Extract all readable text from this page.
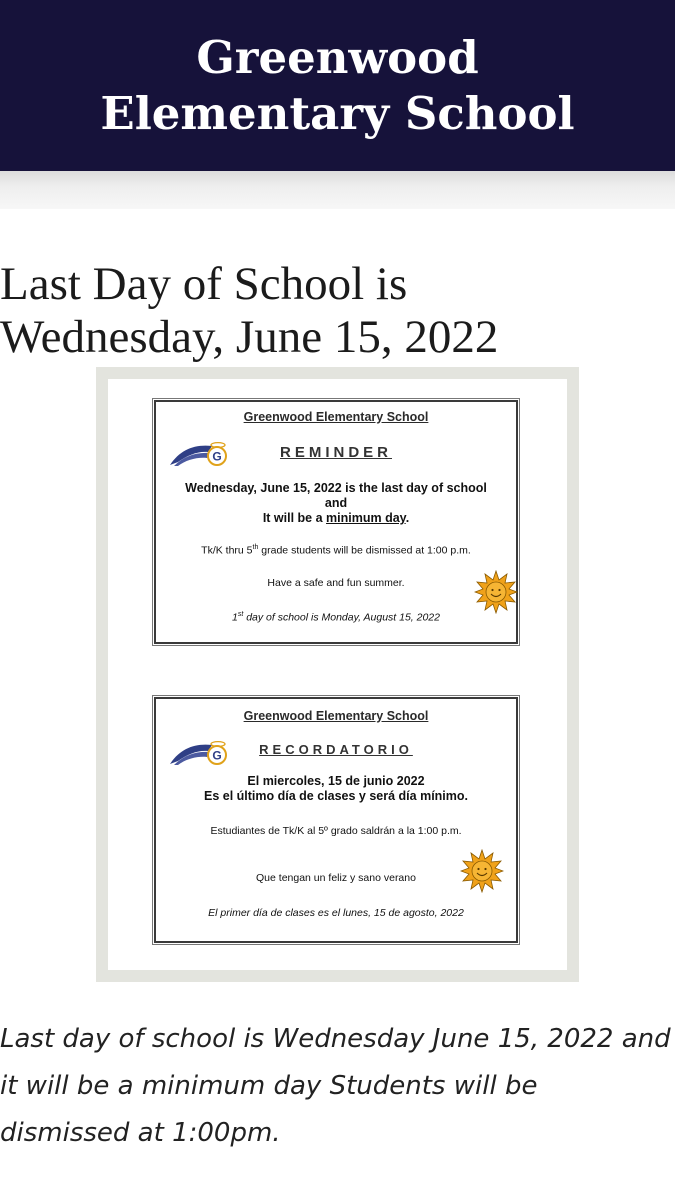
Greenwood
Elementary School
Last Day of School is
Wednesday, June 15, 2022

Greenwood Elementary School

G	REMINDER

Wednesday, June 15, 2022 is the last day of school

and

It will be a minimum day.

Tk/K thru 5th grade students will be dismissed at 1:00 p.m.

Have a safe and fun summer.

1st day of school is Monday, August 15, 2022

Greenwood Elementary School

G	RECORDATORIO

El miercoles, 15 de junio 2022

Es el último día de clases y será día mínimo.

Estudiantes de Tk/K al 5º grado saldrán a la 1:00 p.m.

Que tengan un feliz y sano verano

El primer día de clases es el lunes, 15 de agosto, 2022

Last day of school is Wednesday June 15, 2022 and it will be a minimum day Students will be dismissed at 1:00pm.
